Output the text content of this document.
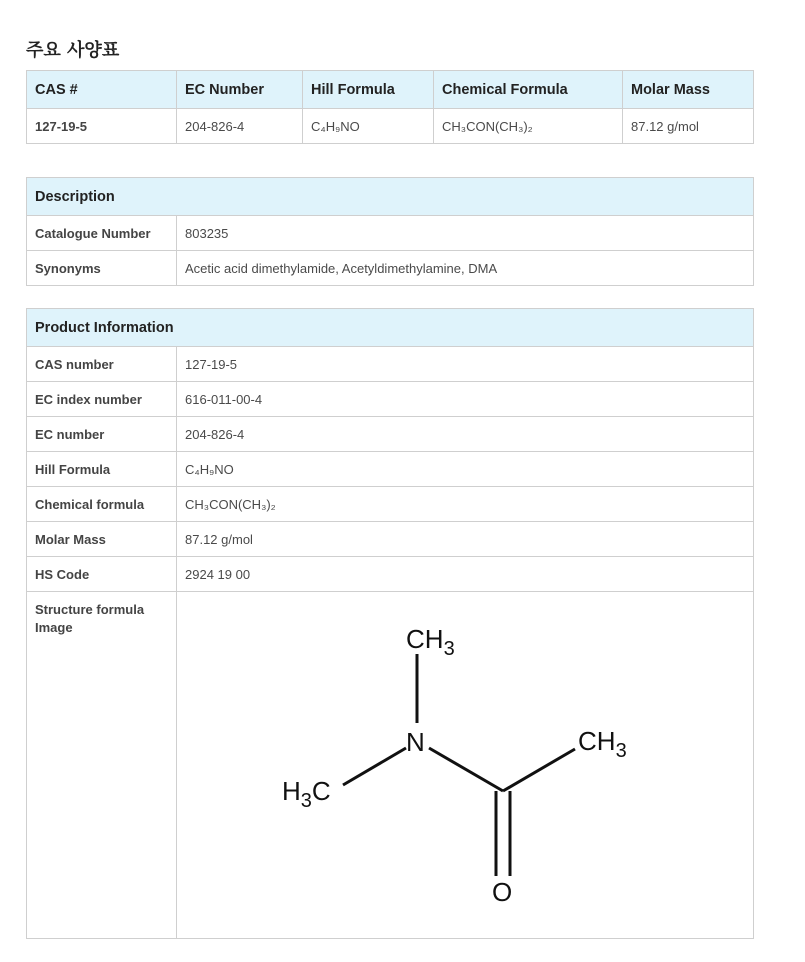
주요 사양표
CAS #	EC Number	Hill Formula	Chemical Formula	Molar Mass
127-19-5	204-826-4	C₄H₉NO	CH₃CON(CH₃)₂	87.12 g/mol
Description	
Catalogue Number	803235
Synonyms	Acetic acid dimethylamide, Acetyldimethylamine, DMA
Product Information	
CAS number	127-19-5
EC index number	616-011-00-4
EC number	204-826-4
Hill Formula	C₄H₉NO
Chemical formula	CH₃CON(CH₃)₂
Molar Mass	87.12 g/mol
HS Code	2924 19 00
Structure formula Image	$CH_3$
N
$H_3C$
$CH_3$
O
